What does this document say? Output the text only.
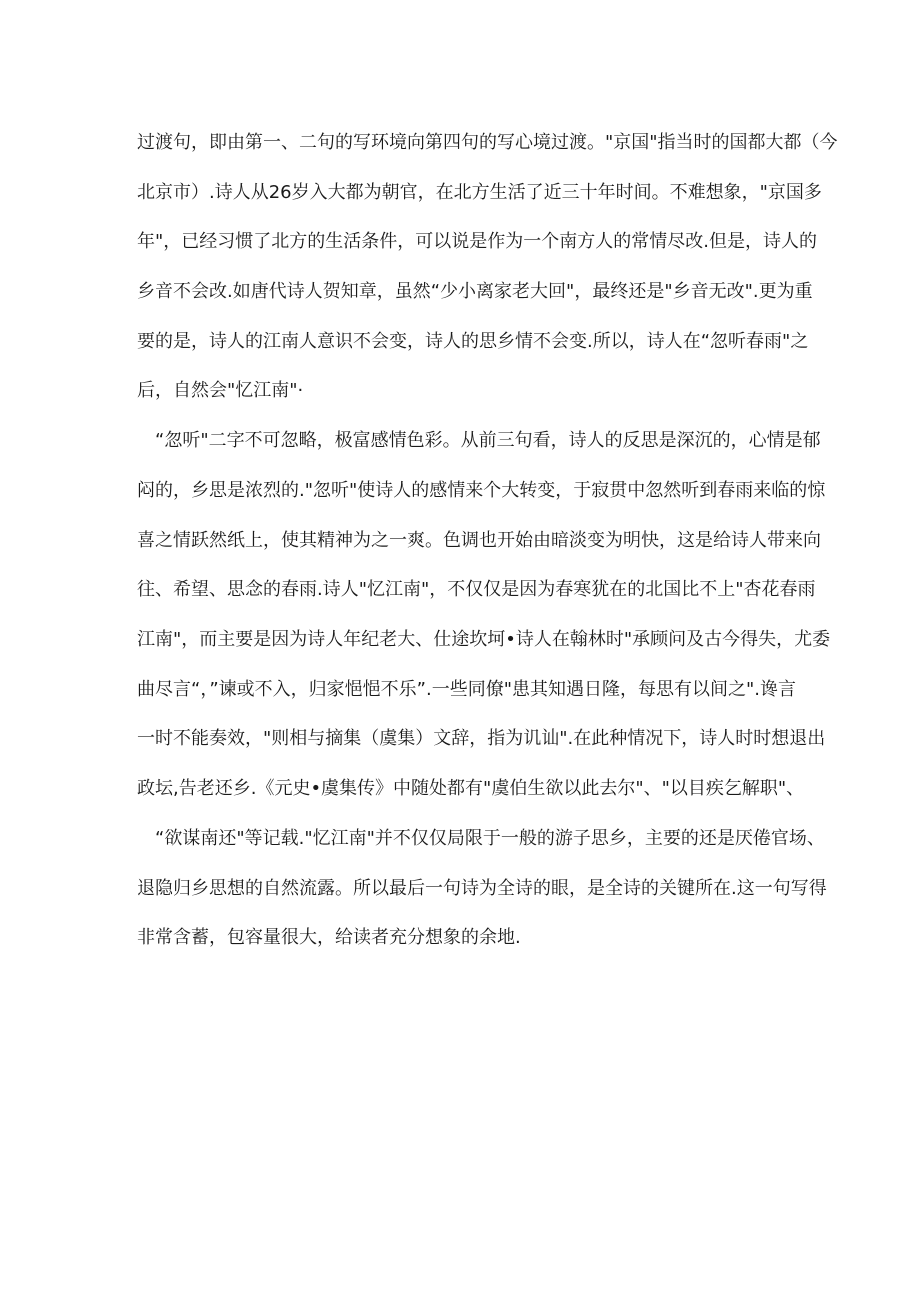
过渡句，即由第一、二句的写环境向第四句的写心境过渡。"京国"指当时的国都大都（今
北京市）.诗人从26岁入大都为朝官，在北方生活了近三十年时间。不难想象，"京国多
年"，已经习惯了北方的生活条件，可以说是作为一个南方人的常情尽改.但是，诗人的
乡音不会改.如唐代诗人贺知章，虽然“少小离家老大回"，最终还是"乡音无改".更为重
要的是，诗人的江南人意识不会变，诗人的思乡情不会变.所以，诗人在“忽听春雨"之
后，自然会"忆江南"·
“忽听"二字不可忽略，极富感情色彩。从前三句看，诗人的反思是深沉的，心情是郁
闷的，乡思是浓烈的."忽听"使诗人的感情来个大转变，于寂贯中忽然听到春雨来临的惊
喜之情跃然纸上，使其精神为之一爽。色调也开始由暗淡变为明快，这是给诗人带来向
往、希望、思念的春雨.诗人"忆江南"，不仅仅是因为春寒犹在的北国比不上"杏花春雨
江南"，而主要是因为诗人年纪老大、仕途坎坷•诗人在翰林时"承顾问及古今得失，尤委
曲尽言“，”谏或不入，归家悒悒不乐”.一些同僚"患其知遇日隆，每思有以间之".谗言
一时不能奏效，"则相与摘集（虞集）文辞，指为讥讪".在此种情况下，诗人时时想退出
政坛,告老还乡.《元史•虞集传》中随处都有"虞伯生欲以此去尔"、"以目疾乞解职"、
“欲谋南还"等记载."忆江南"并不仅仅局限于一般的游子思乡，主要的还是厌倦官场、
退隐归乡思想的自然流露。所以最后一句诗为全诗的眼，是全诗的关键所在.这一句写得
非常含蓄，包容量很大，给读者充分想象的余地.
